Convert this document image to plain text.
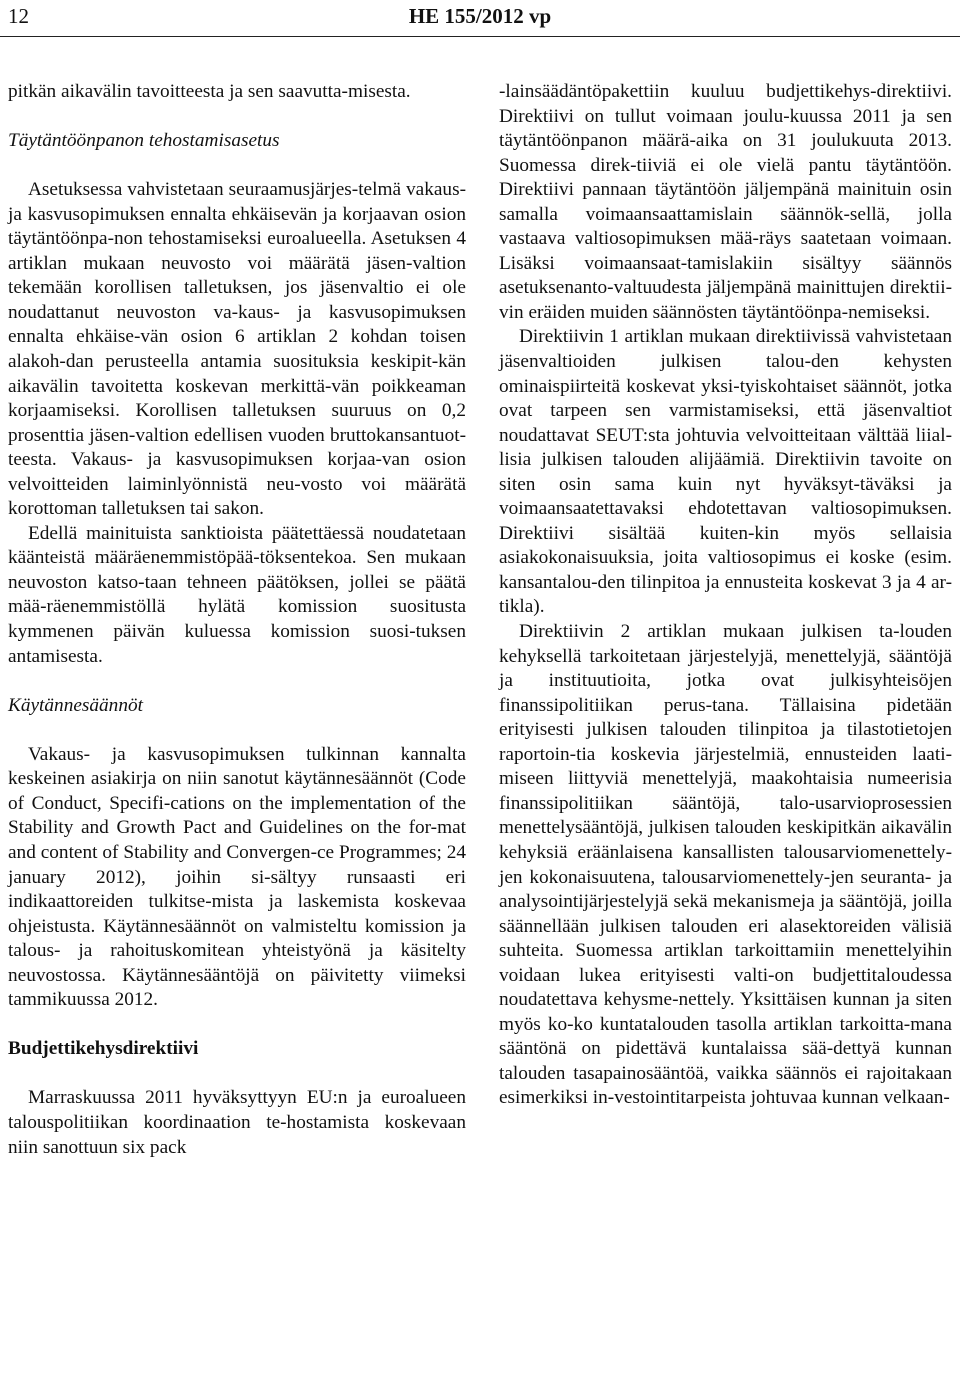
12	HE 155/2012 vp

pitkän aikavälin tavoitteesta ja sen saavutta-misesta.

Täytäntöönpanon tehostamisasetus

Asetuksessa vahvistetaan seuraamusjärjes-telmä vakaus- ja kasvusopimuksen ennalta ehkäisevän ja korjaavan osion täytäntöönpa-non tehostamiseksi euroalueella. Asetuksen 4 artiklan mukaan neuvosto voi määrätä jäsen-valtion tekemään korollisen talletuksen, jos jäsenvaltio ei ole noudattanut neuvoston va-kaus- ja kasvusopimuksen ennalta ehkäise-vän osion 6 artiklan 2 kohdan toisen alakoh-dan perusteella antamia suosituksia keskipit-kän aikavälin tavoitetta koskevan merkittä-vän poikkeaman korjaamiseksi. Korollisen talletuksen suuruus on 0,2 prosenttia jäsen-valtion edellisen vuoden bruttokansantuot-teesta. Vakaus- ja kasvusopimuksen korjaa-van osion velvoitteiden laiminlyönnistä neu-vosto voi määrätä korottoman talletuksen tai sakon.

Edellä mainituista sanktioista päätettäessä noudatetaan käänteistä määräenemmistöpää-töksentekoa. Sen mukaan neuvoston katso-taan tehneen päätöksen, jollei se päätä mää-räenemmistöllä hylätä komission suositusta kymmenen päivän kuluessa komission suosi-tuksen antamisesta.

Käytännesäännöt

Vakaus- ja kasvusopimuksen tulkinnan kannalta keskeinen asiakirja on niin sanotut käytännesäännöt (Code of Conduct, Specifi-cations on the implementation of the Stability and Growth Pact and Guidelines on the for-mat and content of Stability and Convergen-ce Programmes; 24 january 2012), joihin si-sältyy runsaasti eri indikaattoreiden tulkitse-mista ja laskemista koskevaa ohjeistusta. Käytännesäännöt on valmisteltu komission ja talous- ja rahoituskomitean yhteistyönä ja käsitelty neuvostossa. Käytännesääntöjä on päivitetty viimeksi tammikuussa 2012.

Budjettikehysdirektiivi

Marraskuussa 2011 hyväksyttyyn EU:n ja euroalueen talouspolitiikan koordinaation te-hostamista koskevaan niin sanottuun six pack

-lainsäädäntöpakettiin kuuluu budjettikehys-direktiivi. Direktiivi on tullut voimaan joulu-kuussa 2011 ja sen täytäntöönpanon määrä-aika on 31 joulukuuta 2013. Suomessa direk-tiiviä ei ole vielä pantu täytäntöön. Direktiivi pannaan täytäntöön jäljempänä mainituin osin samalla voimaansaattamislain säännök-sellä, jolla vastaava valtiosopimuksen mää-räys saatetaan voimaan. Lisäksi voimaansaat-tamislakiin sisältyy säännös asetuksenanto-valtuudesta jäljempänä mainittujen direktii-vin eräiden muiden säännösten täytäntöönpa-nemiseksi.

Direktiivin 1 artiklan mukaan direktiivissä vahvistetaan jäsenvaltioiden julkisen talou-den kehysten ominaispiirteitä koskevat yksi-tyiskohtaiset säännöt, jotka ovat tarpeen sen varmistamiseksi, että jäsenvaltiot noudattavat SEUT:sta johtuvia velvoitteitaan välttää liial-lisia julkisen talouden alijäämiä. Direktiivin tavoite on siten osin sama kuin nyt hyväksyt-täväksi ja voimaansaatettavaksi ehdotettavan valtiosopimuksen. Direktiivi sisältää kuiten-kin myös sellaisia asiakokonaisuuksia, joita valtiosopimus ei koske (esim. kansantalou-den tilinpitoa ja ennusteita koskevat 3 ja 4 ar-tikla).

Direktiivin 2 artiklan mukaan julkisen ta-louden kehyksellä tarkoitetaan järjestelyjä, menettelyjä, sääntöjä ja instituutioita, jotka ovat julkisyhteisöjen finanssipolitiikan perus-tana. Tällaisina pidetään erityisesti julkisen talouden tilinpitoa ja tilastotietojen raportoin-tia koskevia järjestelmiä, ennusteiden laati-miseen liittyviä menettelyjä, maakohtaisia numeerisia finanssipolitiikan sääntöjä, talo-usarvioprosessien menettelysääntöjä, julkisen talouden keskipitkän aikavälin kehyksiä eräänlaisena kansallisten talousarviomenettely-jen kokonaisuutena, talousarviomenettely-jen seuranta- ja analysointijärjestelyjä sekä mekanismeja ja sääntöjä, joilla säännellään julkisen talouden eri alasektoreiden välisiä suhteita. Suomessa artiklan tarkoittamiin menettelyihin voidaan lukea erityisesti valti-on budjettitaloudessa noudatettava kehysme-nettely. Yksittäisen kunnan ja siten myös ko-ko kuntatalouden tasolla artiklan tarkoitta-mana sääntönä on pidettävä kuntalaissa sää-dettyä kunnan talouden tasapainosääntöä, vaikka säännös ei rajoitakaan esimerkiksi in-vestointitarpeista johtuvaa kunnan velkaan-
